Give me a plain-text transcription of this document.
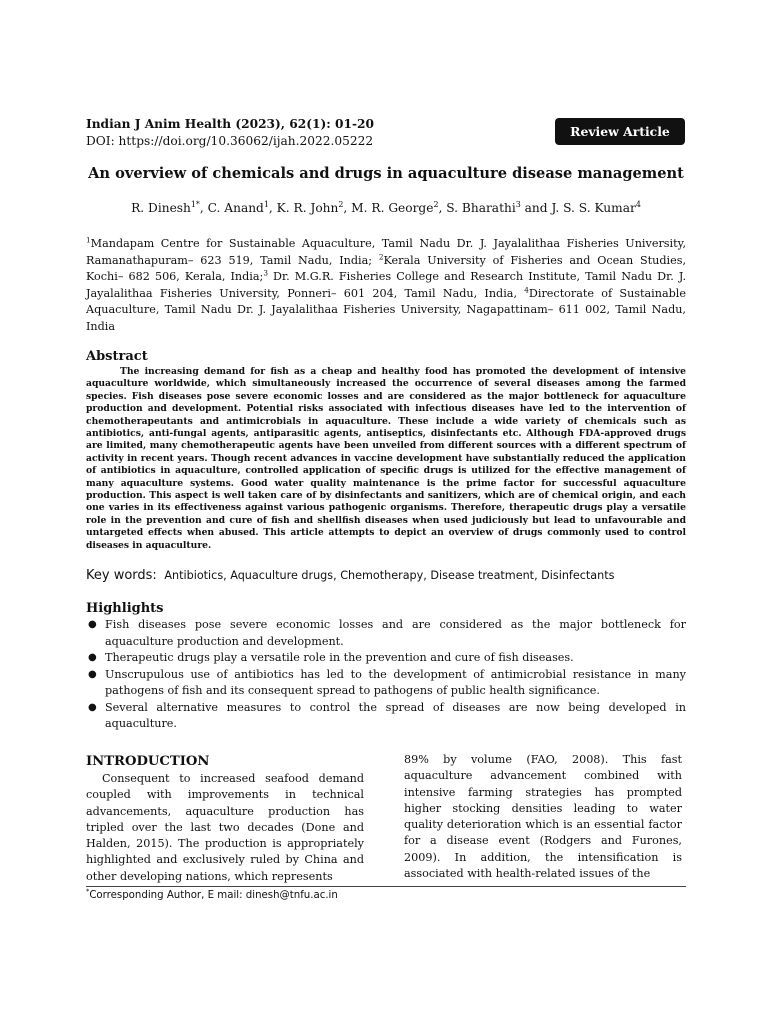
Indian J Anim Health (2023), 62(1): 01-20
DOI: https://doi.org/10.36062/ijah.2022.05222
Review Article
An overview of chemicals and drugs in aquaculture disease management
R. Dinesh$^{1*}$, C. Anand$^1$, K. R. John$^2$, M. R. George$^2$, S. Bharathi$^3$ and J. S. S. Kumar$^4$

$^1$Mandapam Centre for Sustainable Aquaculture, Tamil Nadu Dr. J. Jayalalithaa Fisheries University, Ramanathapuram– 623 519, Tamil Nadu, India; $^2$Kerala University of Fisheries and Ocean Studies, Kochi– 682 506, Kerala, India;$^3$ Dr. M.G.R. Fisheries College and Research Institute, Tamil Nadu Dr. J. Jayalalithaa Fisheries University, Ponneri– 601 204, Tamil Nadu, India, $^4$Directorate of Sustainable Aquaculture, Tamil Nadu Dr. J. Jayalalithaa Fisheries University, Nagapattinam– 611 002, Tamil Nadu, India

Abstract

The increasing demand for fish as a cheap and healthy food has promoted the development of intensive aquaculture worldwide, which simultaneously increased the occurrence of several diseases among the farmed species. Fish diseases pose severe economic losses and are considered as the major bottleneck for aquaculture production and development. Potential risks associated with infectious diseases have led to the intervention of chemotherapeutants and antimicrobials in aquaculture. These include a wide variety of chemicals such as antibiotics, anti-fungal agents, antiparasitic agents, antiseptics, disinfectants etc. Although FDA-approved drugs are limited, many chemotherapeutic agents have been unveiled from different sources with a different spectrum of activity in recent years. Though recent advances in vaccine development have substantially reduced the application of antibiotics in aquaculture, controlled application of specific drugs is utilized for the effective management of many aquaculture systems. Good water quality maintenance is the prime factor for successful aquaculture production. This aspect is well taken care of by disinfectants and sanitizers, which are of chemical origin, and each one varies in its effectiveness against various pathogenic organisms. Therefore, therapeutic drugs play a versatile role in the prevention and cure of fish and shellfish diseases when used judiciously but lead to unfavourable and untargeted effects when abused. This article attempts to depict an overview of drugs commonly used to control diseases in aquaculture.

Key words: Antibiotics, Aquaculture drugs, Chemotherapy, Disease treatment, Disinfectants
Highlights
● Fish diseases pose severe economic losses and are considered as the major bottleneck for aquaculture production and development.
● Therapeutic drugs play a versatile role in the prevention and cure of fish diseases.
● Unscrupulous use of antibiotics has led to the development of antimicrobial resistance in many pathogens of fish and its consequent spread to pathogens of public health significance.
● Several alternative measures to control the spread of diseases are now being developed in aquaculture.
INTRODUCTION

Consequent to increased seafood demand coupled with improvements in technical advancements, aquaculture production has tripled over the last two decades (Done and Halden, 2015). The production is appropriately highlighted and exclusively ruled by China and other developing nations, which represents

89% by volume (FAO, 2008). This fast aquaculture advancement combined with intensive farming strategies has prompted higher stocking densities leading to water quality deterioration which is an essential factor for a disease event (Rodgers and Furones, 2009). In addition, the intensification is associated with health-related issues of the

*Corresponding Author, E mail: dinesh@tnfu.ac.in
